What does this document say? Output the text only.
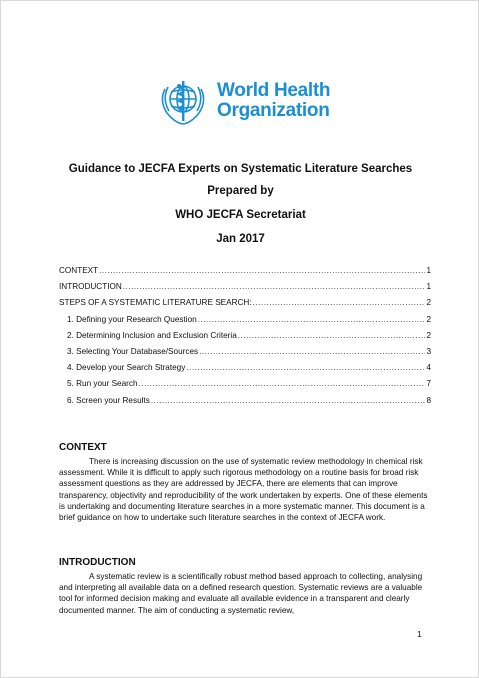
World Health
Organization
Guidance to JECFA Experts on Systematic Literature Searches
Prepared by
WHO JECFA Secretariat
Jan 2017
CONTEXT .....	1
INTRODUCTION .....	1
STEPS OF A SYSTEMATIC LITERATURE SEARCH: .....	2
1. Defining your Research Question .....	2
2. Determining Inclusion and Exclusion Criteria .....	2
3. Selecting Your Database/Sources .....	3
4. Develop your Search Strategy .....	4
5. Run your Search .....	7
6. Screen your Results .....	8
CONTEXT

There is increasing discussion on the use of systematic review methodology in chemical risk assessment. While it is difficult to apply such rigorous methodology on a routine basis for broad risk assessment questions as they are addressed by JECFA, there are elements that can improve transparency, objectivity and reproducibility of the work undertaken by experts. One of these elements is undertaking and documenting literature searches in a more systematic manner. This document is a brief guidance on how to undertake such literature searches in the context of JECFA work.

INTRODUCTION

A systematic review is a scientifically robust method based approach to collecting, analysing and interpreting all available data on a defined research question. Systematic reviews are a valuable tool for informed decision making and evaluate all available evidence in a transparent and clearly documented manner. The aim of conducting a systematic review,

1
